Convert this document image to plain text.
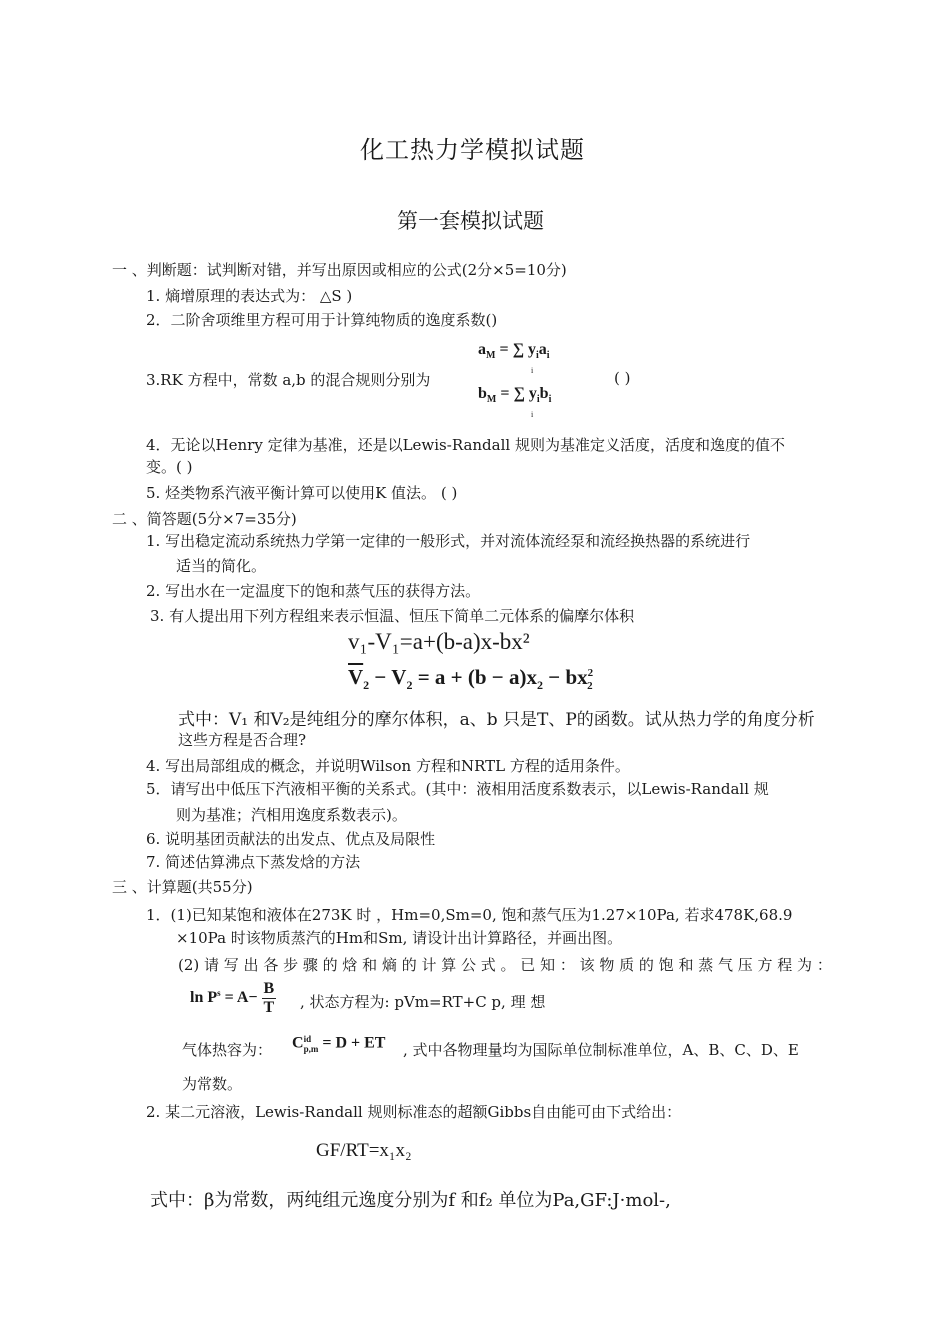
化工热力学模拟试题
第一套模拟试题
一 、判断题：试判断对错，并写出原因或相应的公式(2分×5=10分)
1. 熵增原理的表达式为： △S )
2．二阶舍项维里方程可用于计算纯物质的逸度系数()
3.RK 方程中，常数 a,b 的混合规则分别为
$a_M$ = ∑ $y_ia_i$
i
$b_M$ = ∑ $y_ib_i$
i
( )
4．无论以Henry 定律为基准，还是以Lewis-Randall 规则为基准定义活度，活度和逸度的值不
变。( )
5. 烃类物系汽液平衡计算可以使用K 值法。 ( )
二 、简答题(5分×7=35分)
1. 写出稳定流动系统热力学第一定律的一般形式，并对流体流经泵和流经换热器的系统进行
适当的简化。
2. 写出水在一定温度下的饱和蒸气压的获得方法。
3. 有人提出用下列方程组来表示恒温、恒压下简单二元体系的偏摩尔体积
v₁-V₁=a+(b-a)x-bx²
$\overline{V}_2 - V_2 = a + (b - a)x_2 - bx^2_2$
式中：V₁ 和V₂是纯组分的摩尔体积，a、b 只是T、P的函数。试从热力学的角度分析
这些方程是否合理?
4. 写出局部组成的概念，并说明Wilson 方程和NRTL 方程的适用条件。
5．请写出中低压下汽液相平衡的关系式。(其中：液相用活度系数表示，以Lewis-Randall 规
则为基准；汽相用逸度系数表示)。
6. 说明基团贡献法的出发点、优点及局限性
7. 简述估算沸点下蒸发焓的方法
三 、计算题(共55分)
1．(1)已知某饱和液体在273K 时 ，Hm=0,Sm=0, 饱和蒸气压为1.27×10Pa, 若求478K,68.9
×10Pa 时该物质蒸汽的Hm和Sm, 请设计出计算路径，并画出图。
(2) 请 写 出 各 步 骤 的 焓 和 熵 的 计 算 公 式 。 已 知 ： 该 物 质 的 饱 和 蒸 气 压 方 程 为 ：
$\ln P^s = A- \frac{B}{T}$ , 状态方程为: pVm=RT+C p, 理 想
气体热容为： C id
p,m = D + ET , 式中各物理量均为国际单位制标准单位，A、B、C、D、E
为常数。
2. 某二元溶液，Lewis-Randall 规则标准态的超额Gibbs自由能可由下式给出：
GF/RT=x₁x₂
式中：β为常数，两纯组元逸度分别为f 和f₂ 单位为Pa,GF:J·mol-,
